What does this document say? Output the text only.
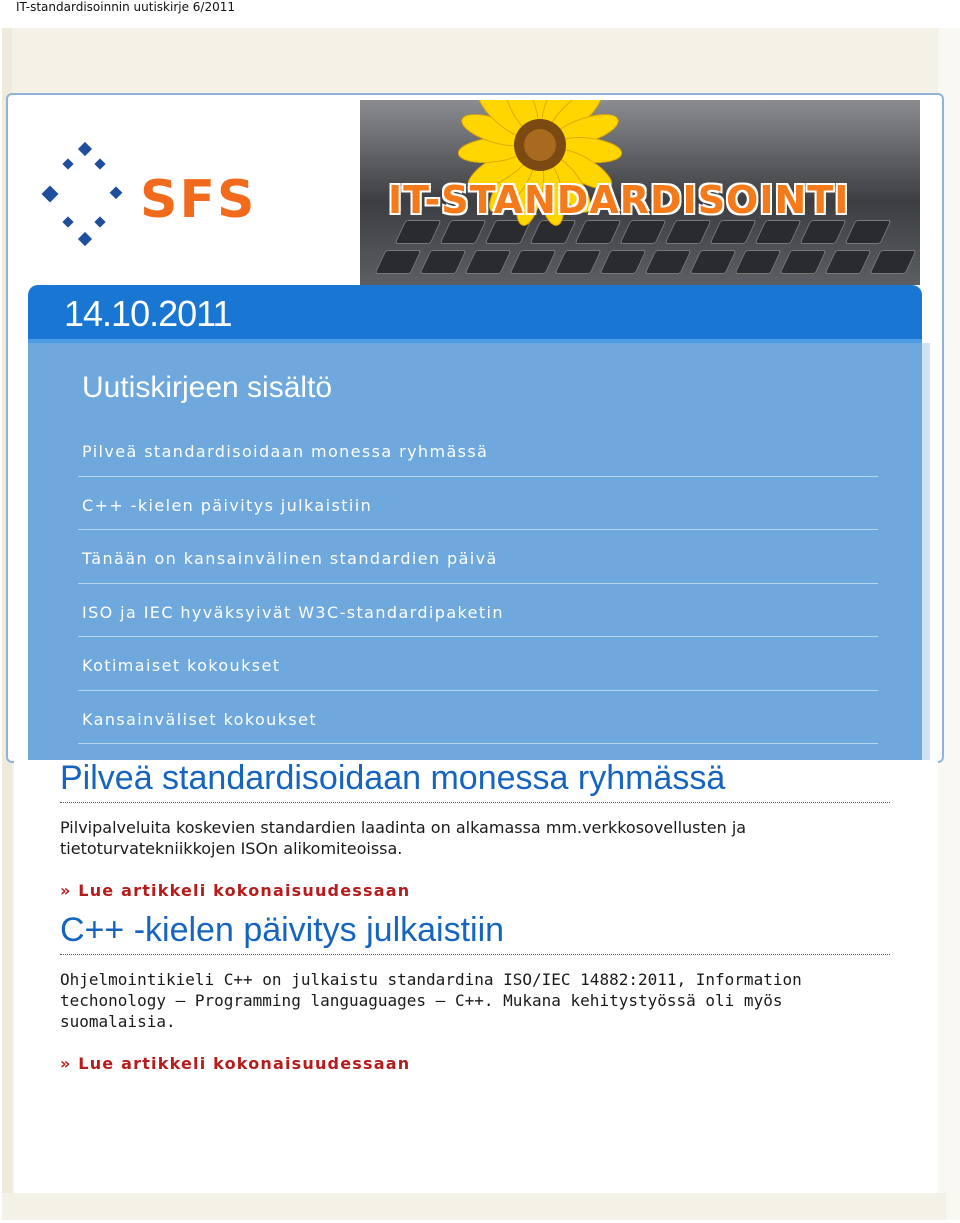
IT-standardisoinnin uutiskirje 6/2011
SFS	IT-STANDARDISOINTI
14.10.2011
Uutiskirjeen sisältö
Pilveä standardisoidaan monessa ryhmässä
C++ -kielen päivitys julkaistiin
Tänään on kansainvälinen standardien päivä
ISO ja IEC hyväksyivät W3C-standardipaketin
Kotimaiset kokoukset
Kansainväliset kokoukset
Pilveä standardisoidaan monessa ryhmässä

Pilvipalveluita koskevien standardien laadinta on alkamassa mm.verkkosovellusten ja tietoturvatekniikkojen ISOn alikomiteoissa.

» Lue artikkeli kokonaisuudessaan
C++ -kielen päivitys julkaistiin

Ohjelmointikieli C++ on julkaistu standardina ISO/IEC 14882:2011, Information techonology – Programming languaguages – C++. Mukana kehitystyössä oli myös suomalaisia.

» Lue artikkeli kokonaisuudessaan
